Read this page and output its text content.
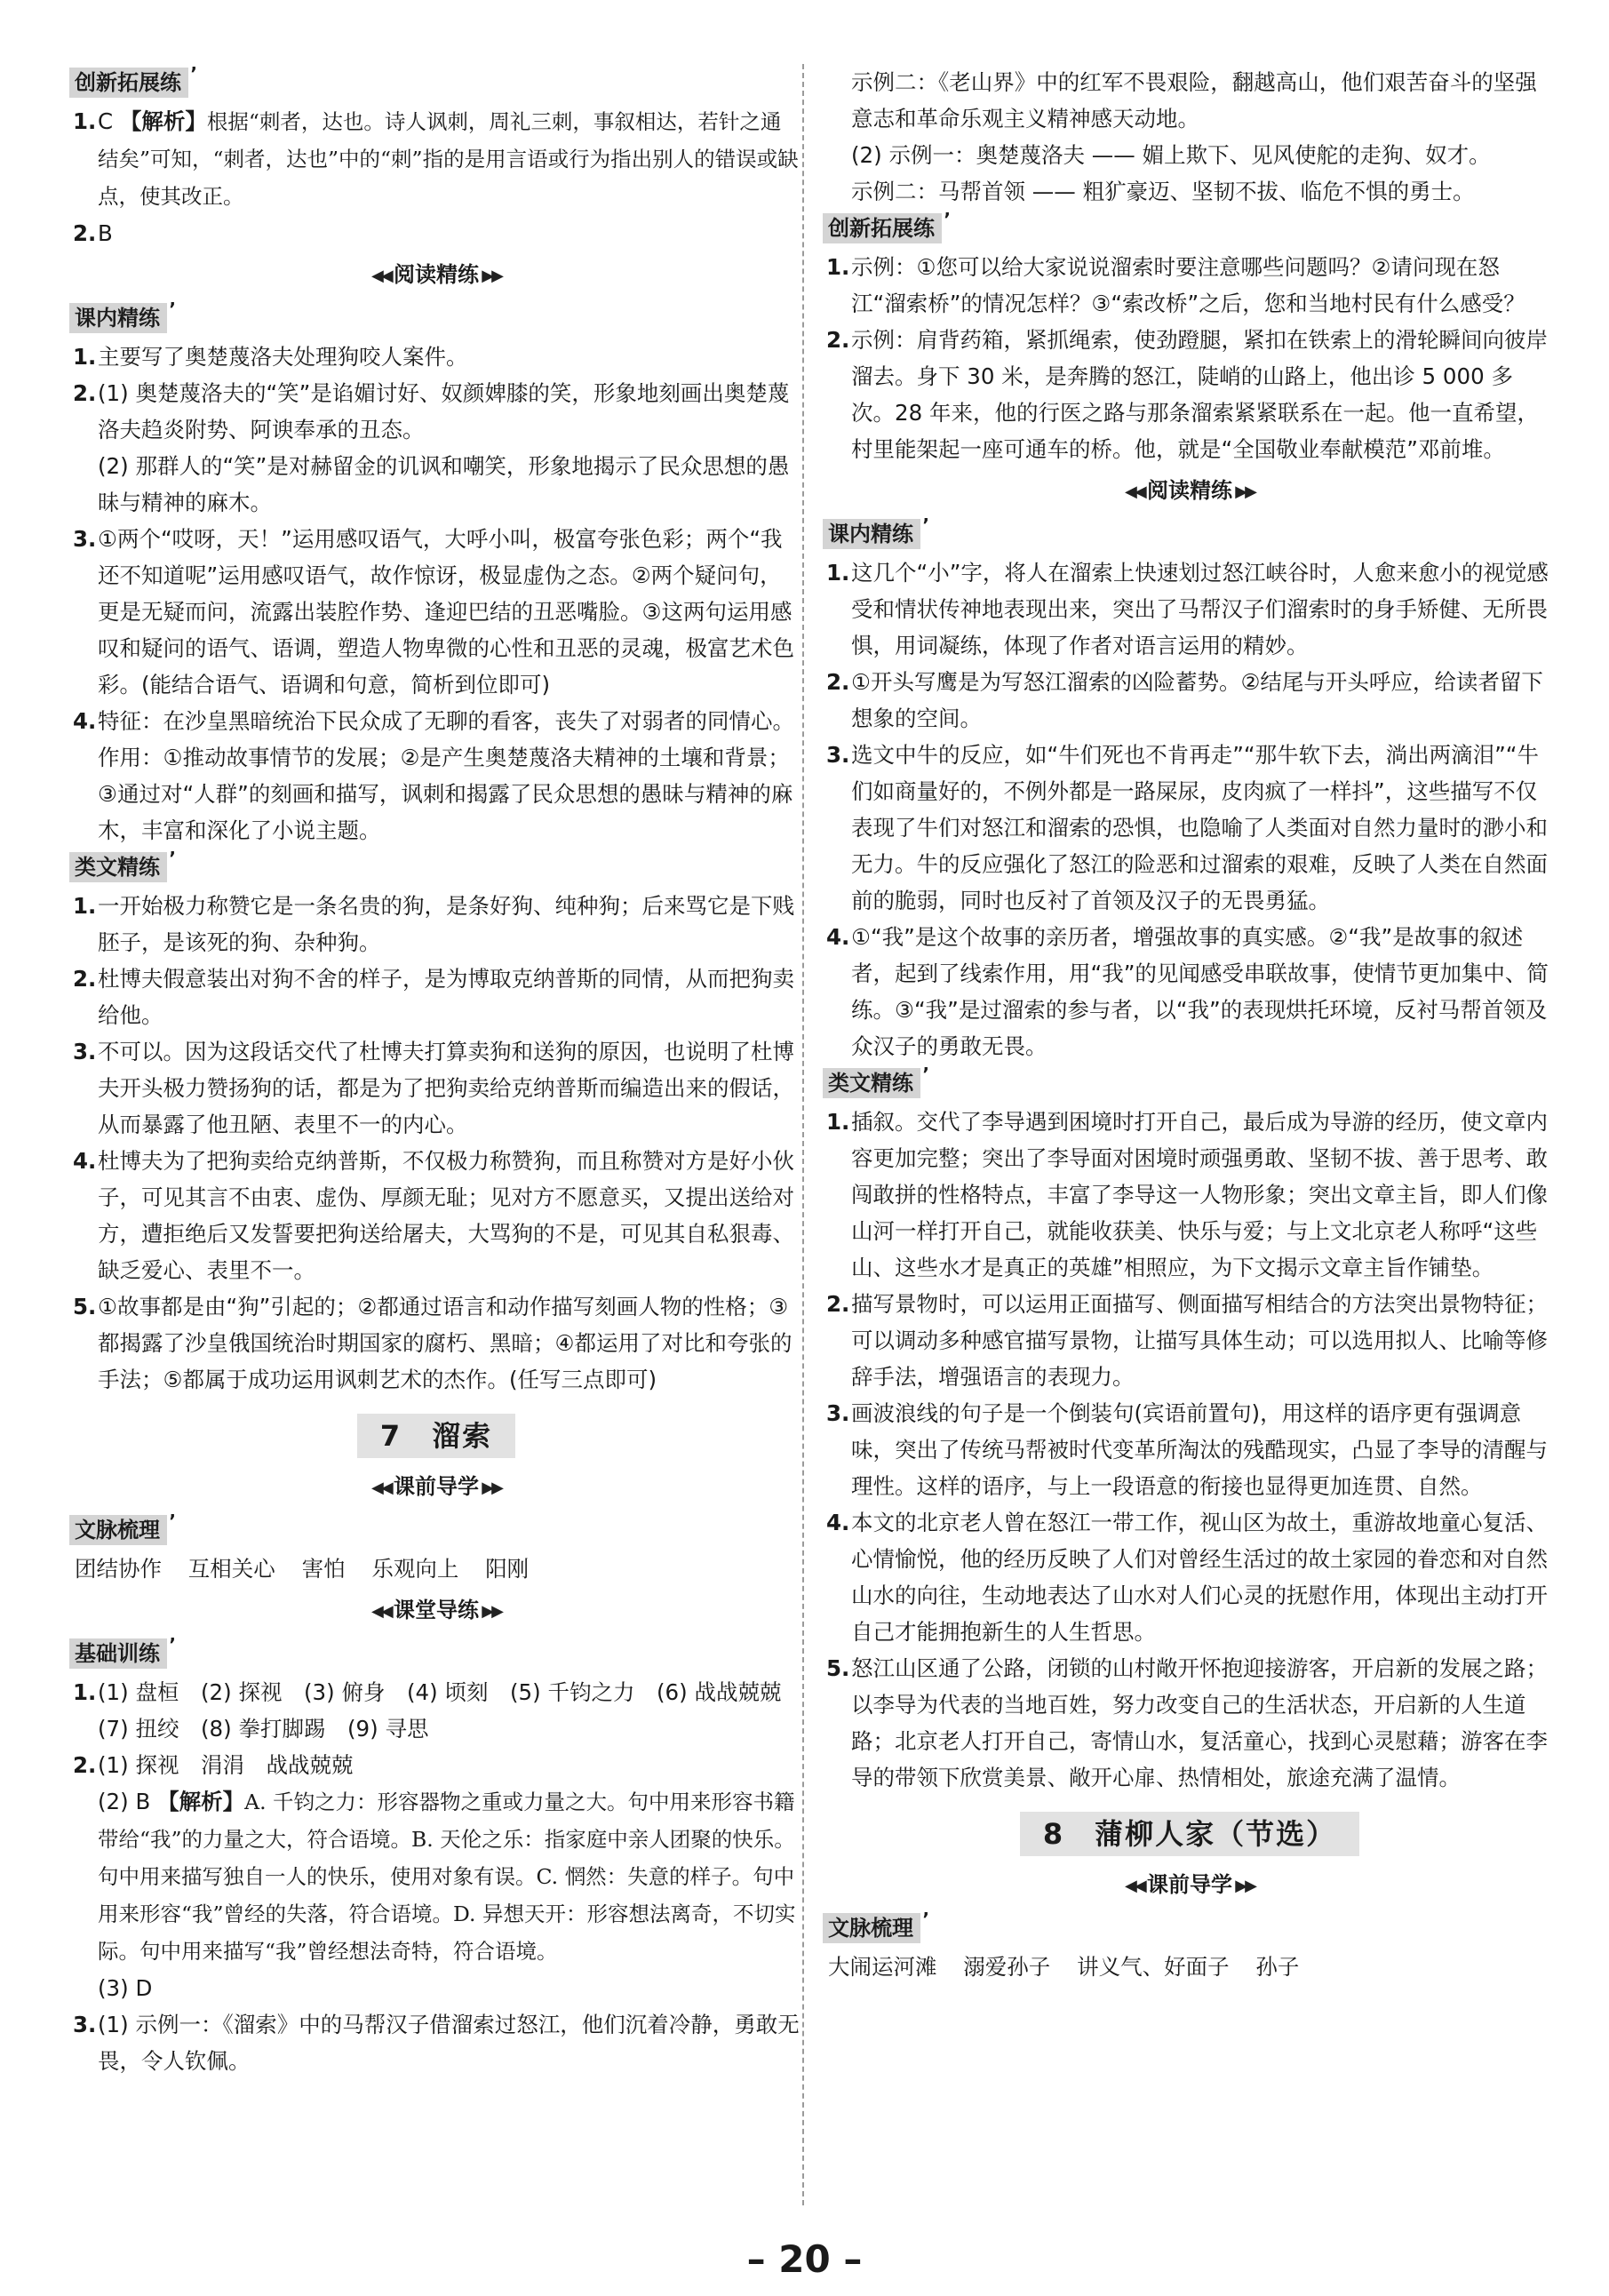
创新拓展练 ’
1. C 【解析】根据“刺者，达也。诗人讽刺，周礼三刺，事叙相达，若针之通结矣”可知，“刺者，达也”中的“刺”指的是用言语或行为指出别人的错误或缺点，使其改正。

2. B

◀◀ 阅读精练 ▶▶
课内精练 ’
1. 主要写了奥楚蔑洛夫处理狗咬人案件。

2. (1) 奥楚蔑洛夫的“笑”是谄媚讨好、奴颜婢膝的笑，形象地刻画出奥楚蔑洛夫趋炎附势、阿谀奉承的丑态。

(2) 那群人的“笑”是对赫留金的讥讽和嘲笑，形象地揭示了民众思想的愚昧与精神的麻木。

3. ①两个“哎呀，天！”运用感叹语气，大呼小叫，极富夸张色彩；两个“我还不知道呢”运用感叹语气，故作惊讶，极显虚伪之态。②两个疑问句，更是无疑而问，流露出装腔作势、逢迎巴结的丑恶嘴脸。③这两句运用感叹和疑问的语气、语调，塑造人物卑微的心性和丑恶的灵魂，极富艺术色彩。(能结合语气、语调和句意，简析到位即可)

4. 特征：在沙皇黑暗统治下民众成了无聊的看客，丧失了对弱者的同情心。

作用：①推动故事情节的发展；②是产生奥楚蔑洛夫精神的土壤和背景；③通过对“人群”的刻画和描写，讽刺和揭露了民众思想的愚昧与精神的麻木，丰富和深化了小说主题。

类文精练 ’
1. 一开始极力称赞它是一条名贵的狗，是条好狗、纯种狗；后来骂它是下贱胚子，是该死的狗、杂种狗。

2. 杜博夫假意装出对狗不舍的样子，是为博取克纳普斯的同情，从而把狗卖给他。

3. 不可以。因为这段话交代了杜博夫打算卖狗和送狗的原因，也说明了杜博夫开头极力赞扬狗的话，都是为了把狗卖给克纳普斯而编造出来的假话，从而暴露了他丑陋、表里不一的内心。

4. 杜博夫为了把狗卖给克纳普斯，不仅极力称赞狗，而且称赞对方是好小伙子，可见其言不由衷、虚伪、厚颜无耻；见对方不愿意买，又提出送给对方，遭拒绝后又发誓要把狗送给屠夫，大骂狗的不是，可见其自私狠毒、缺乏爱心、表里不一。

5. ①故事都是由“狗”引起的；②都通过语言和动作描写刻画人物的性格；③都揭露了沙皇俄国统治时期国家的腐朽、黑暗；④都运用了对比和夸张的手法；⑤都属于成功运用讽刺艺术的杰作。(任写三点即可)

7　溜索
◀◀ 课前导学 ▶▶
文脉梳理 ’
团结协作 互相关心 害怕 乐观向上 阳刚
◀◀ 课堂导练 ▶▶
基础训练 ’
1. (1) 盘桓　(2) 探视　(3) 俯身　(4) 顷刻　(5) 千钧之力　(6) 战战兢兢　(7) 扭绞　(8) 拳打脚踢　(9) 寻思

2. (1) 探视　涓涓　战战兢兢

(2) B 【解析】A. 千钧之力：形容器物之重或力量之大。句中用来形容书籍带给“我”的力量之大，符合语境。B. 天伦之乐：指家庭中亲人团聚的快乐。句中用来描写独自一人的快乐，使用对象有误。C. 惘然：失意的样子。句中用来形容“我”曾经的失落，符合语境。D. 异想天开：形容想法离奇，不切实际。句中用来描写“我”曾经想法奇特，符合语境。

(3) D

3. (1) 示例一：《溜索》中的马帮汉子借溜索过怒江，他们沉着冷静，勇敢无畏，令人钦佩。

示例二：《老山界》中的红军不畏艰险，翻越高山，他们艰苦奋斗的坚强意志和革命乐观主义精神感天动地。

(2) 示例一：奥楚蔑洛夫 —— 媚上欺下、见风使舵的走狗、奴才。

示例二：马帮首领 —— 粗犷豪迈、坚韧不拔、临危不惧的勇士。

创新拓展练 ’
1. 示例：①您可以给大家说说溜索时要注意哪些问题吗？②请问现在怒江“溜索桥”的情况怎样？③“索改桥”之后，您和当地村民有什么感受？

2. 示例：肩背药箱，紧抓绳索，使劲蹬腿，紧扣在铁索上的滑轮瞬间向彼岸溜去。身下 30 米，是奔腾的怒江，陡峭的山路上，他出诊 5 000 多次。28 年来，他的行医之路与那条溜索紧紧联系在一起。他一直希望，村里能架起一座可通车的桥。他，就是“全国敬业奉献模范”邓前堆。

◀◀ 阅读精练 ▶▶
课内精练 ’
1. 这几个“小”字，将人在溜索上快速划过怒江峡谷时，人愈来愈小的视觉感受和情状传神地表现出来，突出了马帮汉子们溜索时的身手矫健、无所畏惧，用词凝练，体现了作者对语言运用的精妙。

2. ①开头写鹰是为写怒江溜索的凶险蓄势。②结尾与开头呼应，给读者留下想象的空间。

3. 选文中牛的反应，如“牛们死也不肯再走”“那牛软下去，淌出两滴泪”“牛们如商量好的，不例外都是一路屎尿，皮肉疯了一样抖”，这些描写不仅表现了牛们对怒江和溜索的恐惧，也隐喻了人类面对自然力量时的渺小和无力。牛的反应强化了怒江的险恶和过溜索的艰难，反映了人类在自然面前的脆弱，同时也反衬了首领及汉子的无畏勇猛。

4. ①“我”是这个故事的亲历者，增强故事的真实感。②“我”是故事的叙述者，起到了线索作用，用“我”的见闻感受串联故事，使情节更加集中、简练。③“我”是过溜索的参与者，以“我”的表现烘托环境，反衬马帮首领及众汉子的勇敢无畏。

类文精练 ’
1. 插叙。交代了李导遇到困境时打开自己，最后成为导游的经历，使文章内容更加完整；突出了李导面对困境时顽强勇敢、坚韧不拔、善于思考、敢闯敢拼的性格特点，丰富了李导这一人物形象；突出文章主旨，即人们像山河一样打开自己，就能收获美、快乐与爱；与上文北京老人称呼“这些山、这些水才是真正的英雄”相照应，为下文揭示文章主旨作铺垫。

2. 描写景物时，可以运用正面描写、侧面描写相结合的方法突出景物特征；可以调动多种感官描写景物，让描写具体生动；可以选用拟人、比喻等修辞手法，增强语言的表现力。

3. 画波浪线的句子是一个倒装句(宾语前置句)，用这样的语序更有强调意味，突出了传统马帮被时代变革所淘汰的残酷现实，凸显了李导的清醒与理性。这样的语序，与上一段语意的衔接也显得更加连贯、自然。

4. 本文的北京老人曾在怒江一带工作，视山区为故土，重游故地童心复活、心情愉悦，他的经历反映了人们对曾经生活过的故土家园的眷恋和对自然山水的向往，生动地表达了山水对人们心灵的抚慰作用，体现出主动打开自己才能拥抱新生的人生哲思。

5. 怒江山区通了公路，闭锁的山村敞开怀抱迎接游客，开启新的发展之路；以李导为代表的当地百姓，努力改变自己的生活状态，开启新的人生道路；北京老人打开自己，寄情山水，复活童心，找到心灵慰藉；游客在李导的带领下欣赏美景、敞开心扉、热情相处，旅途充满了温情。

8　蒲柳人家（节选）
◀◀ 课前导学 ▶▶
文脉梳理 ’
大闹运河滩 溺爱孙子 讲义气、好面子 孙子
– 20 –
